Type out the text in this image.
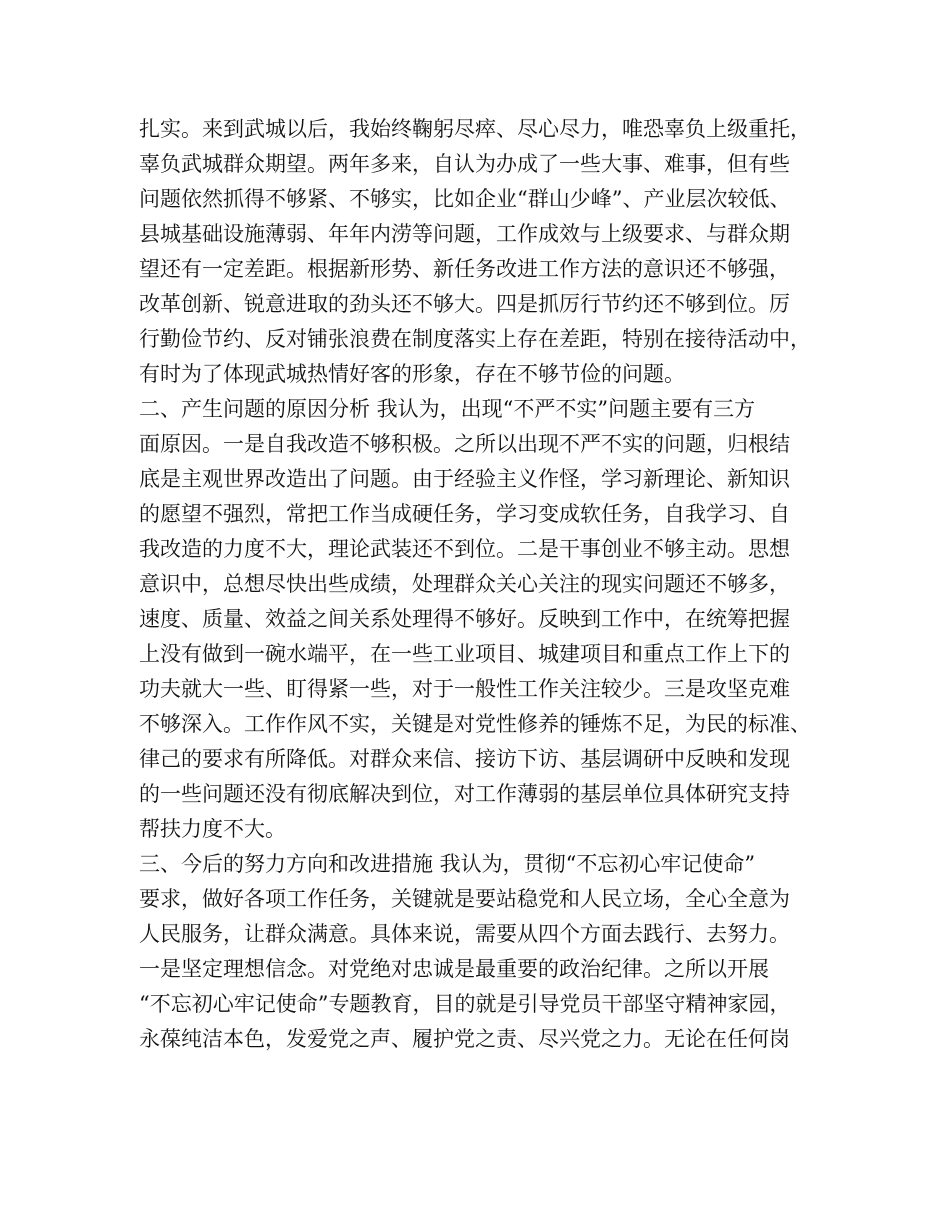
扎实。来到武城以后，我始终鞠躬尽瘁、尽心尽力，唯恐辜负上级重托，
辜负武城群众期望。两年多来，自认为办成了一些大事、难事，但有些
问题依然抓得不够紧、不够实，比如企业“群山少峰”、产业层次较低、
县城基础设施薄弱、年年内涝等问题，工作成效与上级要求、与群众期
望还有一定差距。根据新形势、新任务改进工作方法的意识还不够强，
改革创新、锐意进取的劲头还不够大。四是抓厉行节约还不够到位。厉
行勤俭节约、反对铺张浪费在制度落实上存在差距，特别在接待活动中，
有时为了体现武城热情好客的形象，存在不够节俭的问题。
二、产生问题的原因分析 我认为，出现“不严不实”问题主要有三方
面原因。一是自我改造不够积极。之所以出现不严不实的问题，归根结
底是主观世界改造出了问题。由于经验主义作怪，学习新理论、新知识
的愿望不强烈，常把工作当成硬任务，学习变成软任务，自我学习、自
我改造的力度不大，理论武装还不到位。二是干事创业不够主动。思想
意识中，总想尽快出些成绩，处理群众关心关注的现实问题还不够多，
速度、质量、效益之间关系处理得不够好。反映到工作中，在统筹把握
上没有做到一碗水端平，在一些工业项目、城建项目和重点工作上下的
功夫就大一些、盯得紧一些，对于一般性工作关注较少。三是攻坚克难
不够深入。工作作风不实，关键是对党性修养的锤炼不足，为民的标准、
律己的要求有所降低。对群众来信、接访下访、基层调研中反映和发现
的一些问题还没有彻底解决到位，对工作薄弱的基层单位具体研究支持
帮扶力度不大。
三、今后的努力方向和改进措施 我认为，贯彻“不忘初心牢记使命”
要求，做好各项工作任务，关键就是要站稳党和人民立场，全心全意为
人民服务，让群众满意。具体来说，需要从四个方面去践行、去努力。
一是坚定理想信念。对党绝对忠诚是最重要的政治纪律。之所以开展
“不忘初心牢记使命”专题教育，目的就是引导党员干部坚守精神家园，
永葆纯洁本色，发爱党之声、履护党之责、尽兴党之力。无论在任何岗
